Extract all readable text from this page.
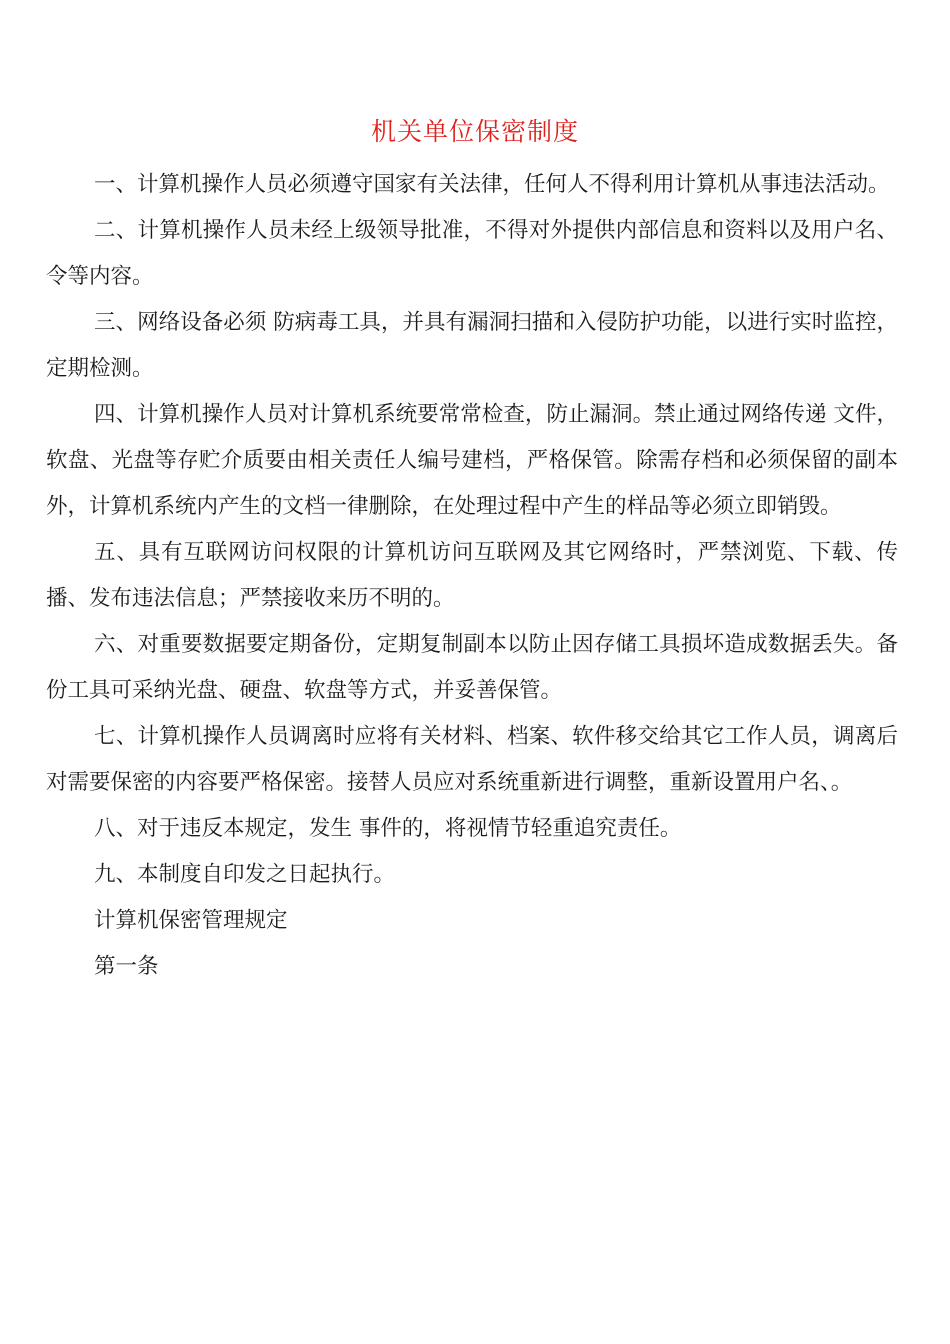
机关单位保密制度

一、计算机操作人员必须遵守国家有关法律，任何人不得利用计算机从事违法活动。

二、计算机操作人员未经上级领导批准，不得对外提供内部信息和资料以及用户名、令等内容。

三、网络设备必须 防病毒工具，并具有漏洞扫描和入侵防护功能，以进行实时监控，定期检测。

四、计算机操作人员对计算机系统要常常检查，防止漏洞。禁止通过网络传递 文件，软盘、光盘等存贮介质要由相关责任人编号建档，严格保管。除需存档和必须保留的副本外，计算机系统内产生的文档一律删除，在处理过程中产生的样品等必须立即销毁。

五、具有互联网访问权限的计算机访问互联网及其它网络时，严禁浏览、下载、传播、发布违法信息；严禁接收来历不明的。

六、对重要数据要定期备份，定期复制副本以防止因存储工具损坏造成数据丢失。备份工具可采纳光盘、硬盘、软盘等方式，并妥善保管。

七、计算机操作人员调离时应将有关材料、档案、软件移交给其它工作人员，调离后对需要保密的内容要严格保密。接替人员应对系统重新进行调整，重新设置用户名、。

八、对于违反本规定，发生 事件的，将视情节轻重追究责任。

九、本制度自印发之日起执行。

计算机保密管理规定

第一条
